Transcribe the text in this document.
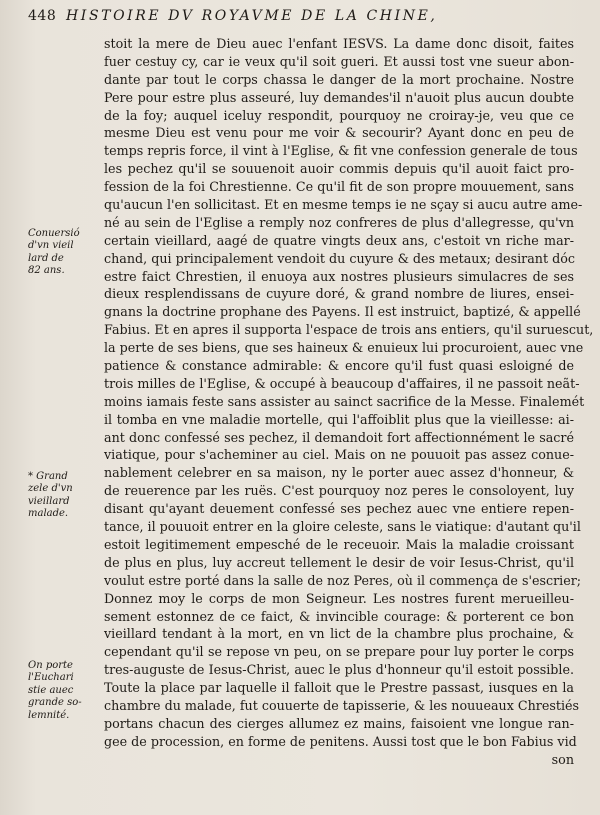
448 HISTOIRE DV ROYAVME DE LA CHINE,
stoit la mere de Dieu auec l'enfant IESVS. La dame donc disoit, faites
fuer cestuy cy, car ie veux qu'il soit gueri. Et aussi tost vne sueur abon-
dante par tout le corps chassa le danger de la mort prochaine. Nostre
Pere pour estre plus asseuré, luy demandes'il n'auoit plus aucun doubte
de la foy; auquel iceluy respondit, pourquoy ne croiray-je, veu que ce
mesme Dieu est venu pour me voir & secourir? Ayant donc en peu de
temps repris force, il vint à l'Eglise, & fit vne confession generale de tous
les pechez qu'il se souuenoit auoir commis depuis qu'il auoit faict pro-
fession de la foi Chrestienne. Ce qu'il fit de son propre mouuement, sans
qu'aucun l'en sollicitast. Et en mesme temps ie ne sçay si aucu autre ame-
né au sein de l'Eglise a remply noz confreres de plus d'allegresse, qu'vn
certain vieillard, aagé de quatre vingts deux ans, c'estoit vn riche mar-
chand, qui principalement vendoit du cuyure & des metaux; desirant dóc
estre faict Chrestien, il enuoya aux nostres plusieurs simulacres de ses
dieux resplendissans de cuyure doré, & grand nombre de liures, ensei-
gnans la doctrine prophane des Payens. Il est instruict, baptizé, & appellé
Fabius. Et en apres il supporta l'espace de trois ans entiers, qu'il suruescut,
la perte de ses biens, que ses haineux & enuieux lui procuroient, auec vne
patience & constance admirable: & encore qu'il fust quasi esloigné de
trois milles de l'Eglise, & occupé à beaucoup d'affaires, il ne passoit neãt-
moins iamais feste sans assister au sainct sacrifice de la Messe. Finalemét
il tomba en vne maladie mortelle, qui l'affoiblit plus que la vieillesse: ai-
ant donc confessé ses pechez, il demandoit fort affectionnément le sacré
viatique, pour s'acheminer au ciel. Mais on ne pouuoit pas assez conue-
nablement celebrer en sa maison, ny le porter auec assez d'honneur, &
de reuerence par les ruës. C'est pourquoy noz peres le consoloyent, luy
disant qu'ayant deuement confessé ses pechez auec vne entiere repen-
tance, il pouuoit entrer en la gloire celeste, sans le viatique: d'autant qu'il
estoit legitimement empesché de le receuoir. Mais la maladie croissant
de plus en plus, luy accreut tellement le desir de voir Iesus-Christ, qu'il
voulut estre porté dans la salle de noz Peres, où il commença de s'escrier;
Donnez moy le corps de mon Seigneur. Les nostres furent merueilleu-
sement estonnez de ce faict, & invincible courage: & porterent ce bon
vieillard tendant à la mort, en vn lict de la chambre plus prochaine, &
cependant qu'il se repose vn peu, on se prepare pour luy porter le corps
tres-auguste de Iesus-Christ, auec le plus d'honneur qu'il estoit possible.
Toute la place par laquelle il falloit que le Prestre passast, iusques en la
chambre du malade, fut couuerte de tapisserie, & les nouueaux Chrestiés
portans chacun des cierges allumez ez mains, faisoient vne longue ran-
gee de procession, en forme de penitens. Aussi tost que le bon Fabius vid
son
Conuersió
d'vn vieil
lard de
82 ans.
* Grand
zele d'vn
vieillard
malade.
On porte
l'Euchari
stie auec
grande so-
lemnité.
